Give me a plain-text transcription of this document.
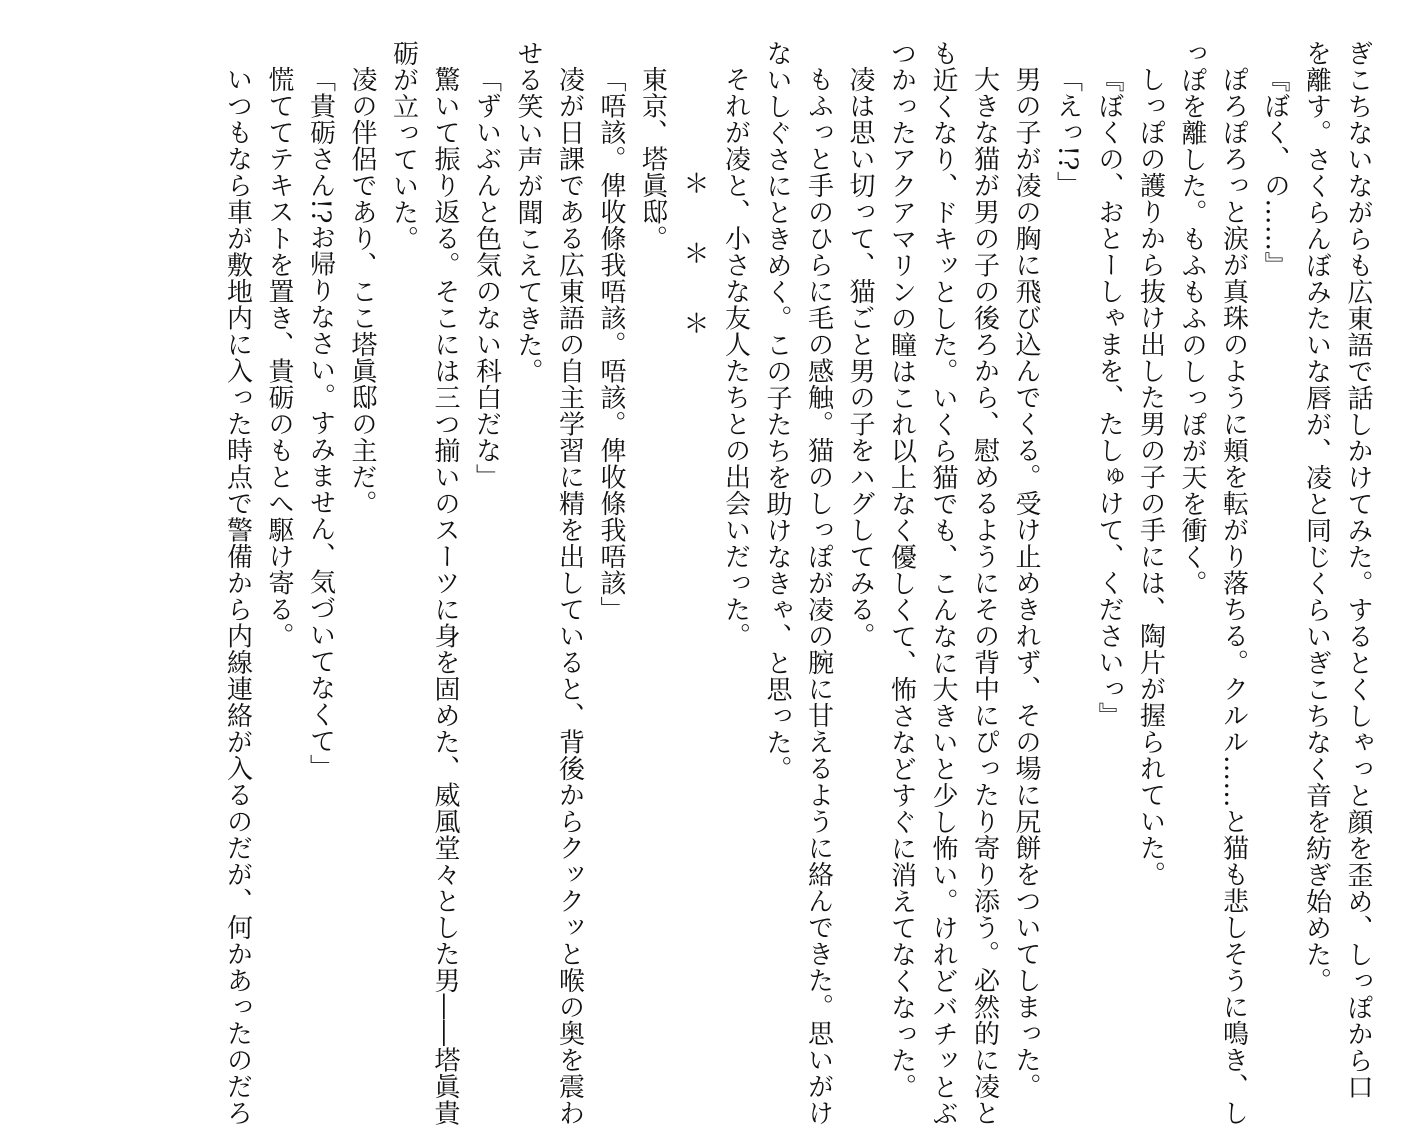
ぎこちないながらも広東語で話しかけてみた。するとくしゃっと顔を歪め、しっぽから口
を離す。さくらんぼみたいな唇が、凌と同じくらいぎこちなく音を紡ぎ始めた。
『ぼく、の……』
ぽろぽろっと涙が真珠のように頬を転がり落ちる。クルル……と猫も悲しそうに鳴き、し
っぽを離した。もふもふのしっぽが天を衝く。
しっぽの護りから抜け出した男の子の手には、陶片が握られていた。
『ぼくの、おとーしゃまを、たしゅけて、くださいっ』
「えっ!?」
男の子が凌の胸に飛び込んでくる。受け止めきれず、その場に尻餅をついてしまった。
大きな猫が男の子の後ろから、慰めるようにその背中にぴったり寄り添う。必然的に凌と
も近くなり、ドキッとした。いくら猫でも、こんなに大きいと少し怖い。けれどバチッとぶ
つかったアクアマリンの瞳はこれ以上なく優しくて、怖さなどすぐに消えてなくなった。
凌は思い切って、猫ごと男の子をハグしてみる。
もふっと手のひらに毛の感触。猫のしっぽが凌の腕に甘えるように絡んできた。思いがけ
ないしぐさにときめく。この子たちを助けなきゃ、と思った。
それが凌と、小さな友人たちとの出会いだった。
＊＊＊
東京、塔眞邸。
「唔該。俾收條我唔該。唔該。俾收條我唔該」
凌が日課である広東語の自主学習に精を出していると、背後からクックッと喉の奥を震わ
せる笑い声が聞こえてきた。
「ずいぶんと色気のない科白だな」
驚いて振り返る。そこには三つ揃いのスーツに身を固めた、威風堂々とした男――塔眞貴
砺が立っていた。
凌の伴侶であり、ここ塔眞邸の主だ。
「貴砺さん!?お帰りなさい。すみません、気づいてなくて」
慌ててテキストを置き、貴砺のもとへ駆け寄る。
いつもなら車が敷地内に入った時点で警備から内線連絡が入るのだが、何かあったのだろ
